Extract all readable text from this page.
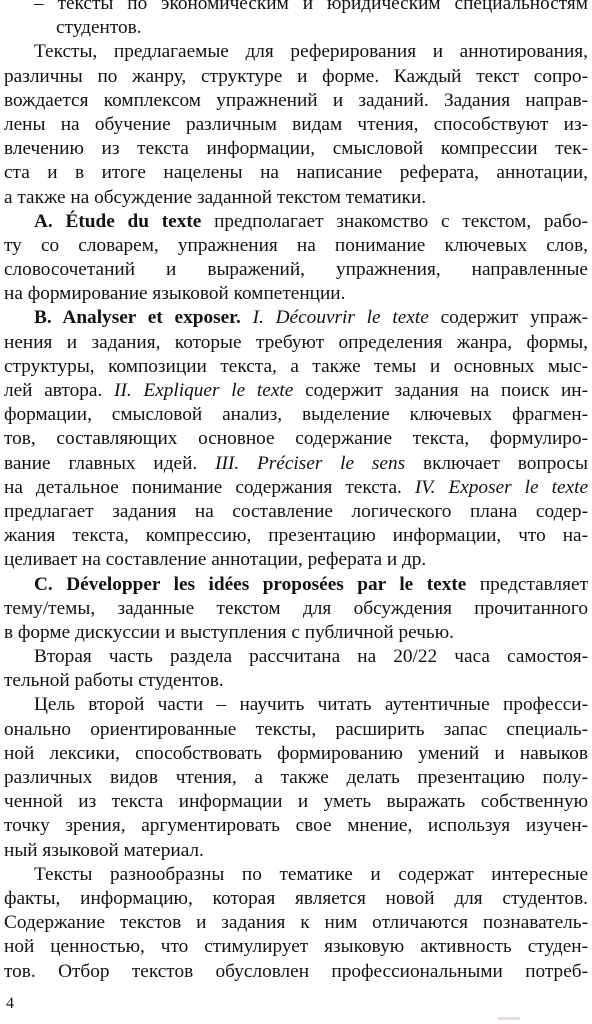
– тексты по экономическим и юридическим специальностям
студентов.
Тексты, предлагаемые для реферирования и аннотирования,
различны по жанру, структуре и форме. Каждый текст сопро-
вождается комплексом упражнений и заданий. Задания направ-
лены на обучение различным видам чтения, способствуют из-
влечению из текста информации, смысловой компрессии тек-
ста и в итоге нацелены на написание реферата, аннотации,
а также на обсуждение заданной текстом тематики.
A. Étude du texte предполагает знакомство с текстом, рабо-
ту со словарем, упражнения на понимание ключевых слов,
словосочетаний и выражений, упражнения, направленные
на формирование языковой компетенции.
B. Analyser et exposer. I. Découvrir le texte содержит упраж-
нения и задания, которые требуют определения жанра, формы,
структуры, композиции текста, а также темы и основных мыс-
лей автора. II. Expliquer le texte содержит задания на поиск ин-
формации, смысловой анализ, выделение ключевых фрагмен-
тов, составляющих основное содержание текста, формулиро-
вание главных идей. III. Préciser le sens включает вопросы
на детальное понимание содержания текста. IV. Exposer le texte
предлагает задания на составление логического плана содер-
жания текста, компрессию, презентацию информации, что на-
целивает на составление аннотации, реферата и др.
C. Développer les idées proposées par le texte представляет
тему/темы, заданные текстом для обсуждения прочитанного
в форме дискуссии и выступления с публичной речью.
Вторая часть раздела рассчитана на 20/22 часа самостоя-
тельной работы студентов.
Цель второй части – научить читать аутентичные професси-
онально ориентированные тексты, расширить запас специаль-
ной лексики, способствовать формированию умений и навыков
различных видов чтения, а также делать презентацию полу-
ченной из текста информации и уметь выражать собственную
точку зрения, аргументировать свое мнение, используя изучен-
ный языковой материал.
Тексты разнообразны по тематике и содержат интересные
факты, информацию, которая является новой для студентов.
Содержание текстов и задания к ним отличаются познаватель-
ной ценностью, что стимулирует языковую активность студен-
тов. Отбор текстов обусловлен профессиональными потреб-
4
